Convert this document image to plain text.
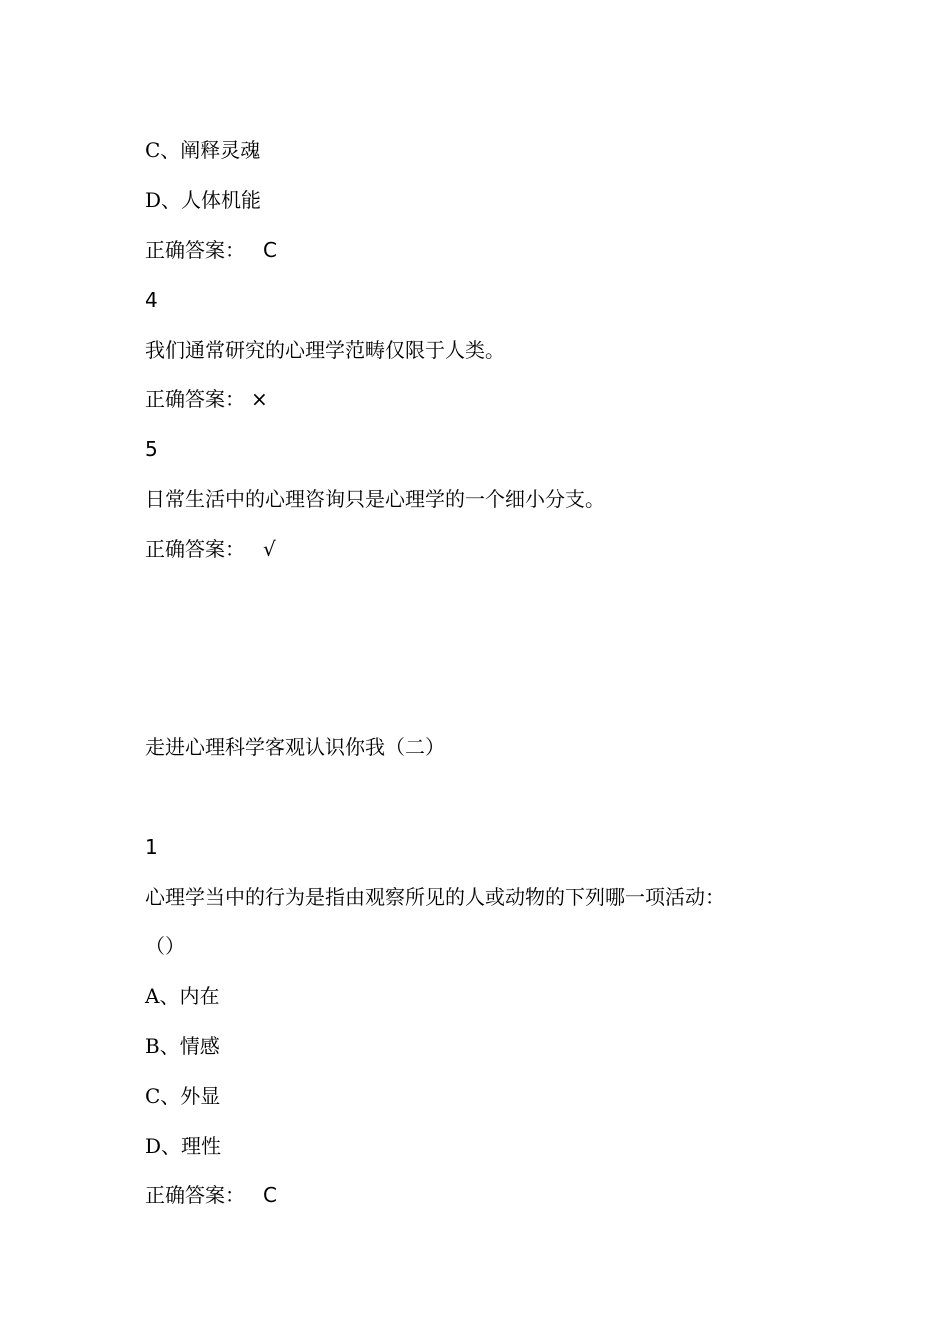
C、阐释灵魂
D、人体机能
正确答案： C
4
我们通常研究的心理学范畴仅限于人类。
正确答案： ×
5
日常生活中的心理咨询只是心理学的一个细小分支。
正确答案： √
走进心理科学客观认识你我（二）
1
心理学当中的行为是指由观察所见的人或动物的下列哪一项活动：
（）
A、内在
B、情感
C、外显
D、理性
正确答案： C
